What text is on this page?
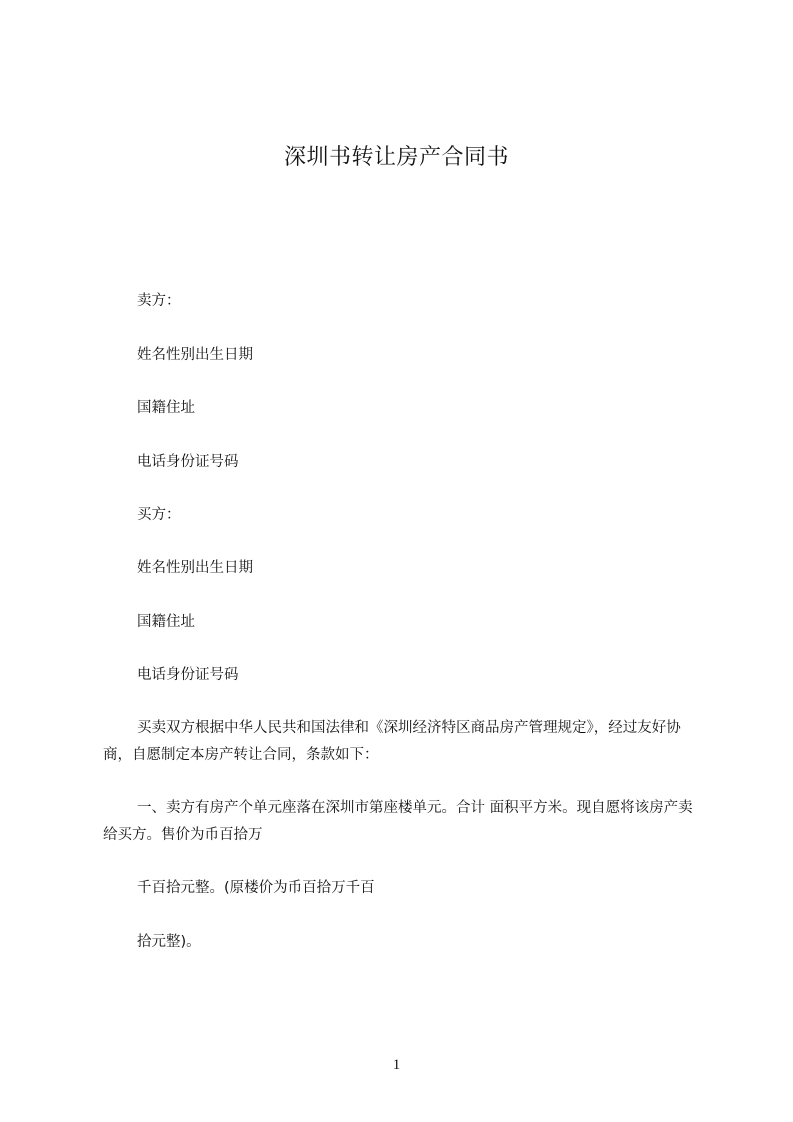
深圳书转让房产合同书

卖方：

姓名性别出生日期

国籍住址

电话身份证号码

买方：

姓名性别出生日期

国籍住址

电话身份证号码

买卖双方根据中华人民共和国法律和《深圳经济特区商品房产管理规定》，经过友好协商，自愿制定本房产转让合同，条款如下：

一、卖方有房产个单元座落在深圳市第座楼单元。合计 面积平方米。现自愿将该房产卖给买方。售价为币百拾万

千百拾元整。(原楼价为币百拾万千百

拾元整)。

1
